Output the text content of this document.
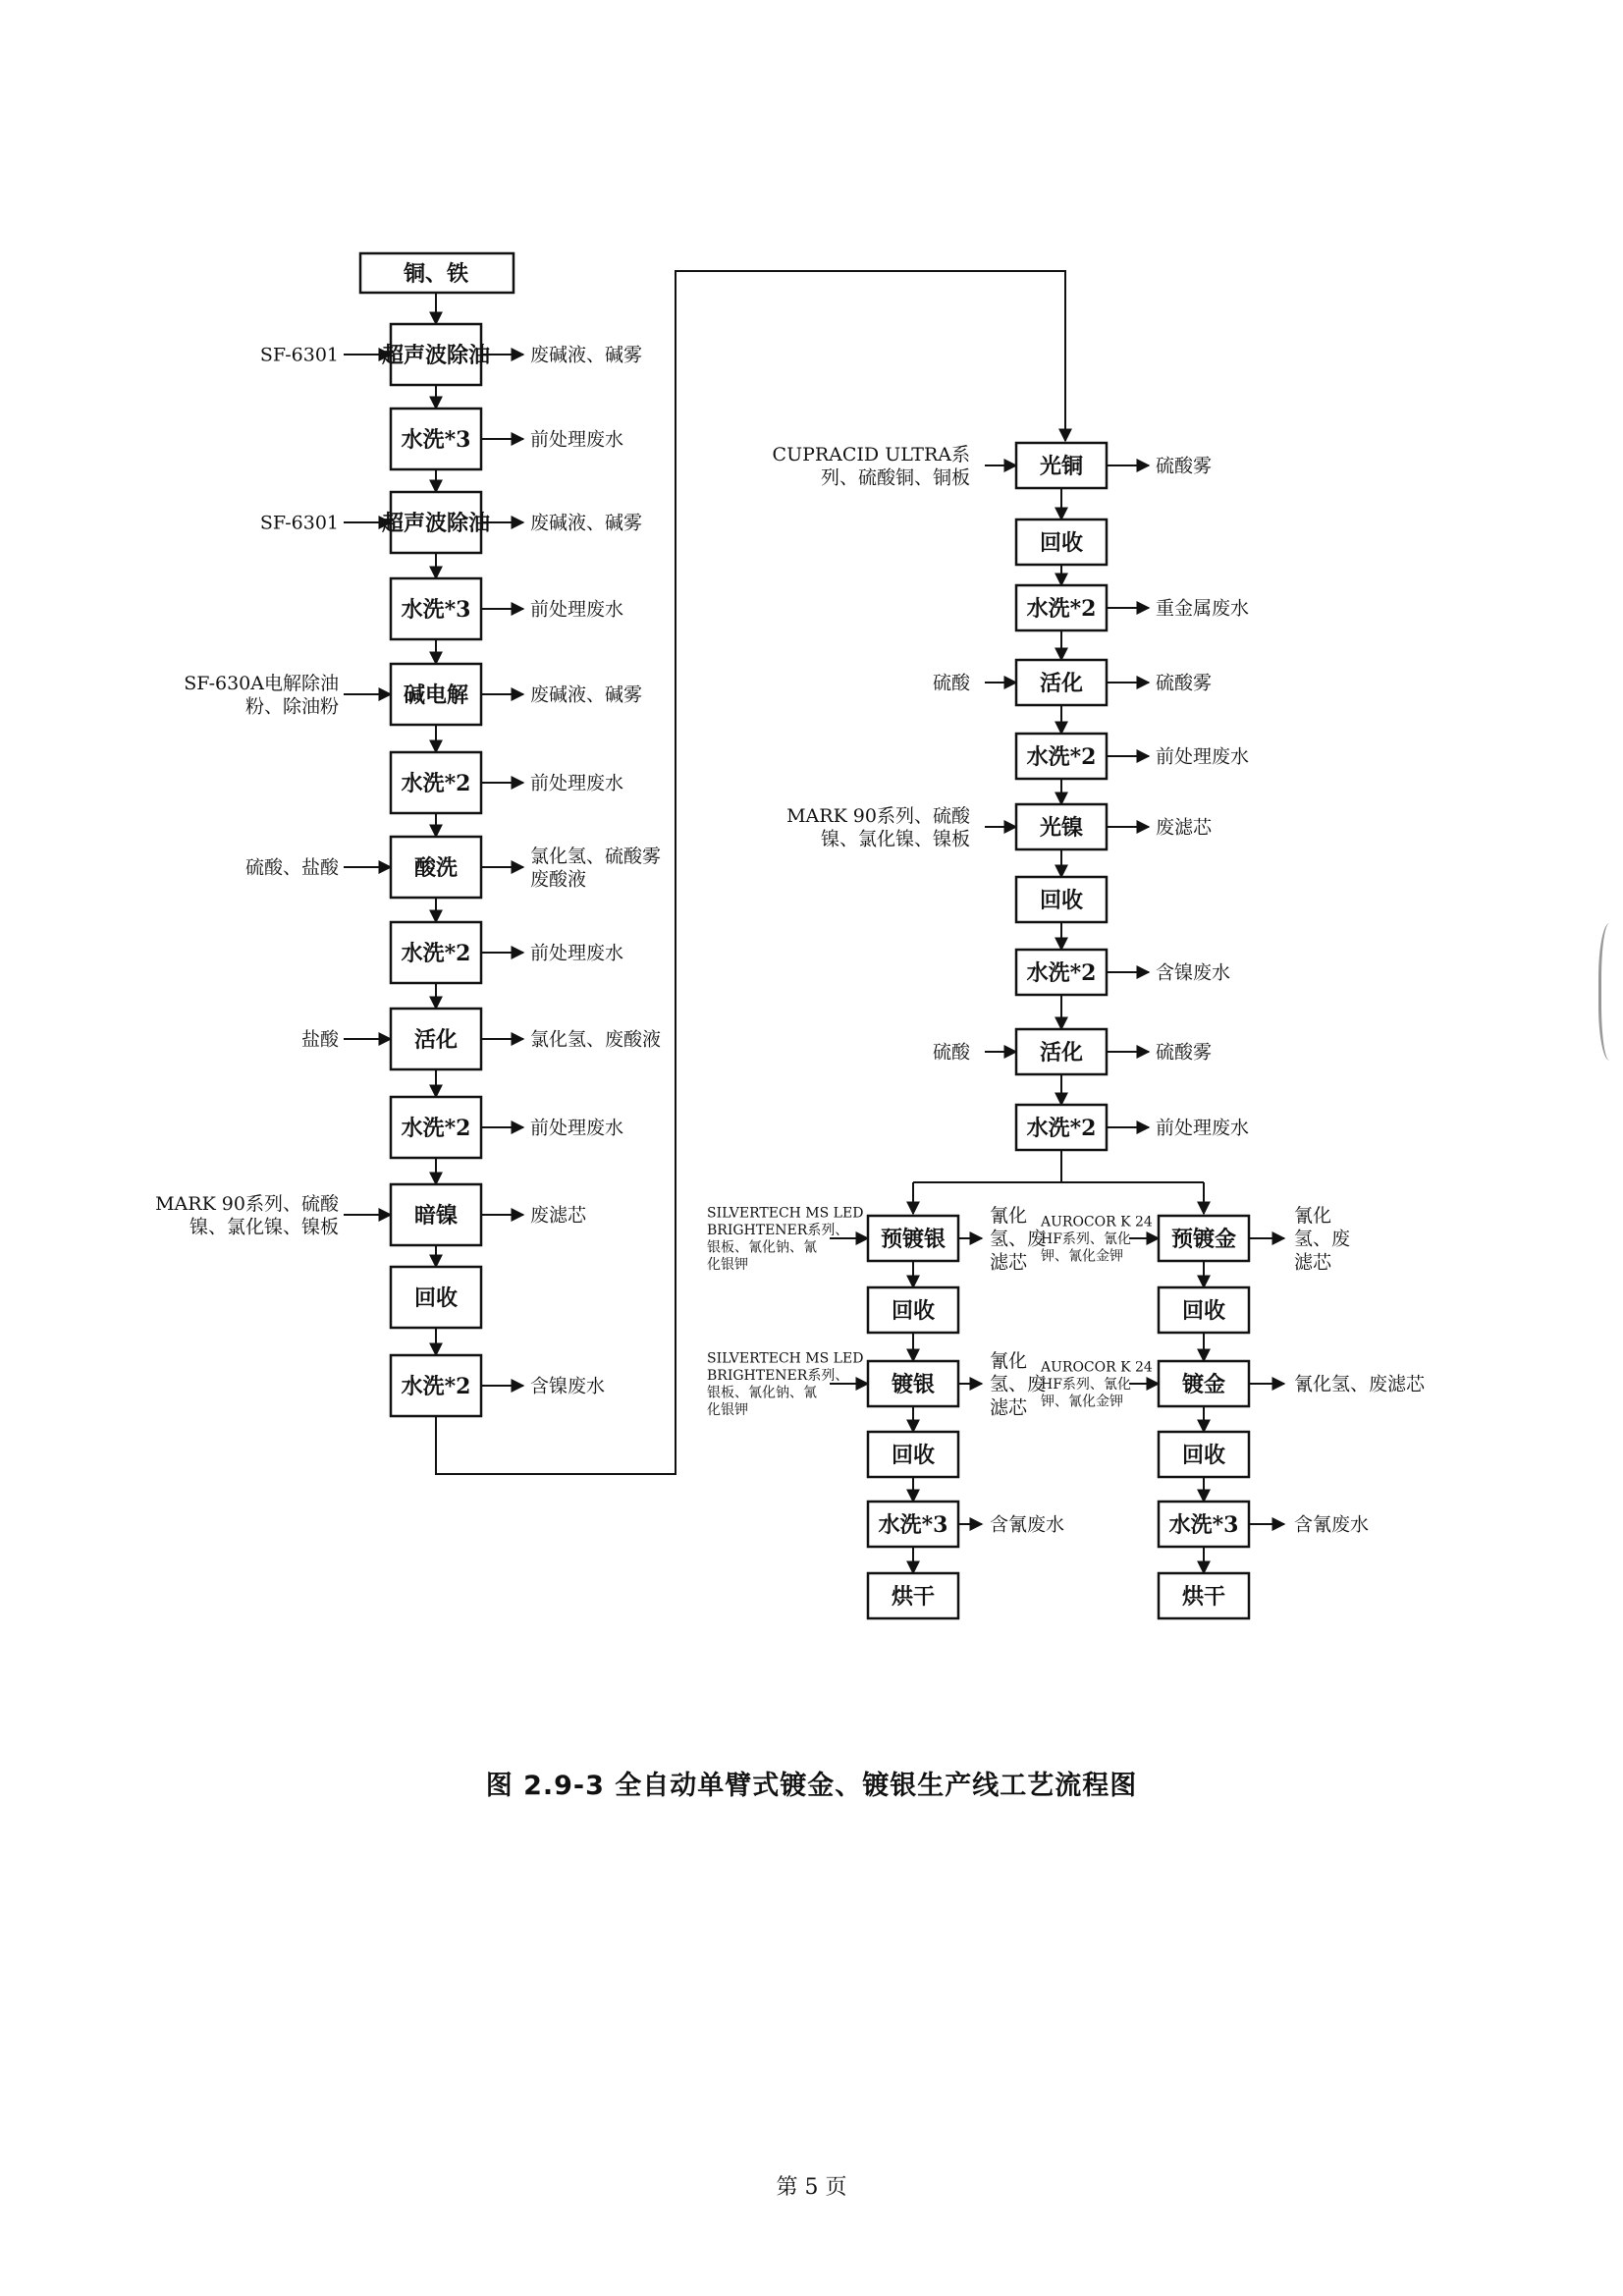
铜、铁
超声波除油
水洗*3
超声波除油
水洗*3
碱电解
水洗*2
酸洗
水洗*2
活化
水洗*2
暗镍
回收
水洗*2
光铜
回收
水洗*2
活化
水洗*2
光镍
回收
水洗*2
活化
水洗*2
预镀银
回收
镀银
回收
水洗*3
烘干
预镀金
回收
镀金
回收
水洗*3
烘干
SF-6301	废碱液、碱雾
前处理废水
SF-6301	废碱液、碱雾
前处理废水
SF-630A电解除油
粉、除油粉
废碱液、碱雾
前处理废水
硫酸、盐酸
氯化氢、硫酸雾
废酸液
前处理废水
盐酸	氯化氢、废酸液
前处理废水
MARK 90系列、硫酸
镍、氯化镍、镍板
废滤芯
含镍废水
CUPRACID ULTRA系
列、硫酸铜、铜板
硫酸雾
重金属废水
硫酸	硫酸雾
前处理废水
MARK 90系列、硫酸
镍、氯化镍、镍板
废滤芯
含镍废水
硫酸	硫酸雾
前处理废水
SILVERTECH MS LED
BRIGHTENER系列、
银板、氰化钠、氰
化银钾
氰化
氢、废
滤芯
SILVERTECH MS LED
BRIGHTENER系列、
银板、氰化钠、氰
化银钾
氰化
氢、废
滤芯
含氰废水
AUROCOR K 24
HF系列、氰化
钾、氰化金钾
氰化
氢、废
滤芯
AUROCOR K 24
HF系列、氰化
钾、氰化金钾
氰化氢、废滤芯
含氰废水
图 2.9-3 全自动单臂式镀金、镀银生产线工艺流程图
第 5 页
